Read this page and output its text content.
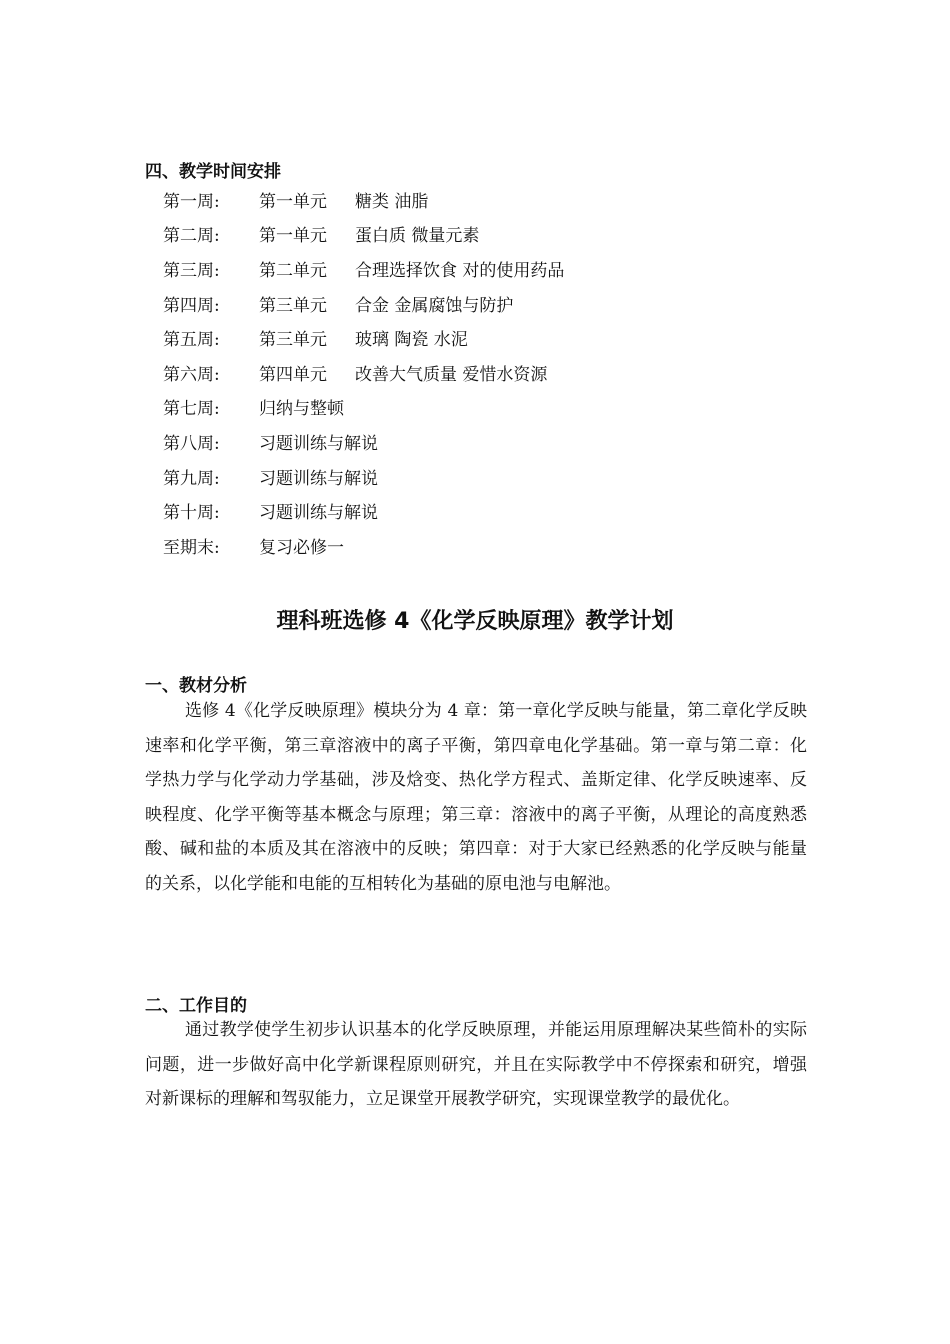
四、教学时间安排
第一周:	第一单元	糖类 油脂
第二周:	第一单元	蛋白质 微量元素
第三周:	第二单元	合理选择饮食 对的使用药品
第四周:	第三单元	合金 金属腐蚀与防护
第五周:	第三单元	玻璃 陶瓷 水泥
第六周:	第四单元	改善大气质量 爱惜水资源
第七周:	归纳与整顿
第八周:	习题训练与解说
第九周:	习题训练与解说
第十周:	习题训练与解说
至期末:	复习必修一
理科班选修 4《化学反映原理》教学计划
一、教材分析

选修 4《化学反映原理》模块分为 4 章：第一章化学反映与能量，第二章化学反映速率和化学平衡，第三章溶液中的离子平衡，第四章电化学基础。第一章与第二章：化学热力学与化学动力学基础，涉及焓变、热化学方程式、盖斯定律、化学反映速率、反映程度、化学平衡等基本概念与原理；第三章：溶液中的离子平衡，从理论的高度熟悉酸、碱和盐的本质及其在溶液中的反映；第四章：对于大家已经熟悉的化学反映与能量的关系，以化学能和电能的互相转化为基础的原电池与电解池。

二、工作目的

通过教学使学生初步认识基本的化学反映原理，并能运用原理解决某些简朴的实际问题，进一步做好高中化学新课程原则研究，并且在实际教学中不停探索和研究，增强对新课标的理解和驾驭能力，立足课堂开展教学研究，实现课堂教学的最优化。
